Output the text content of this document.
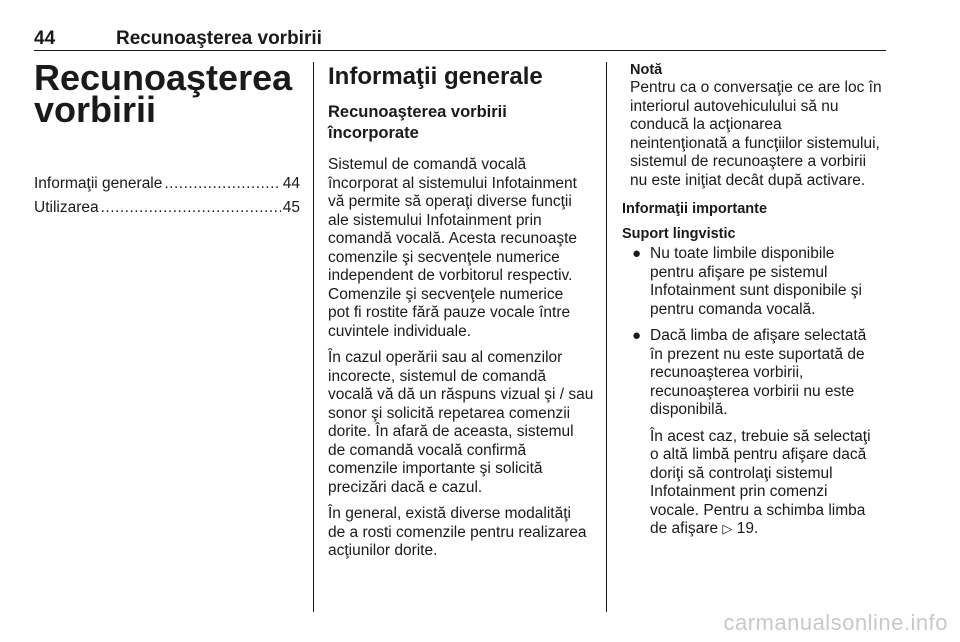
44	Recunoaşterea vorbirii
Recunoaşterea
vorbirii
Informaţii generale .....	44
Utilizarea .....	45
Informaţii generale
Recunoaşterea vorbirii
încorporate
Sistemul de comandă vocală
încorporat al sistemului Infotainment
vă permite să operaţi diverse funcţii
ale sistemului Infotainment prin
comandă vocală. Acesta recunoaşte
comenzile şi secvenţele numerice
independent de vorbitorul respectiv.
Comenzile şi secvenţele numerice
pot fi rostite fără pauze vocale între
cuvintele individuale.
În cazul operării sau al comenzilor
incorecte, sistemul de comandă
vocală vă dă un răspuns vizual şi / sau
sonor şi solicită repetarea comenzii
dorite. În afară de aceasta, sistemul
de comandă vocală confirmă
comenzile importante şi solicită
precizări dacă e cazul.
În general, există diverse modalităţi
de a rosti comenzile pentru realizarea
acţiunilor dorite.
Notă
Pentru ca o conversaţie ce are loc în
interiorul autovehiculului să nu
conducă la acţionarea
neintenţionată a funcţiilor sistemului,
sistemul de recunoaştere a vorbirii
nu este iniţiat decât după activare.
Informaţii importante
Suport lingvistic
● Nu toate limbile disponibile
pentru afişare pe sistemul
Infotainment sunt disponibile şi
pentru comanda vocală.
● Dacă limba de afişare selectată
în prezent nu este suportată de
recunoaşterea vorbirii,
recunoaşterea vorbirii nu este
disponibilă.
În acest caz, trebuie să selectaţi
o altă limbă pentru afişare dacă
doriţi să controlaţi sistemul
Infotainment prin comenzi
vocale. Pentru a schimba limba
de afişare ▷ 19.
carmanualsonline.info
